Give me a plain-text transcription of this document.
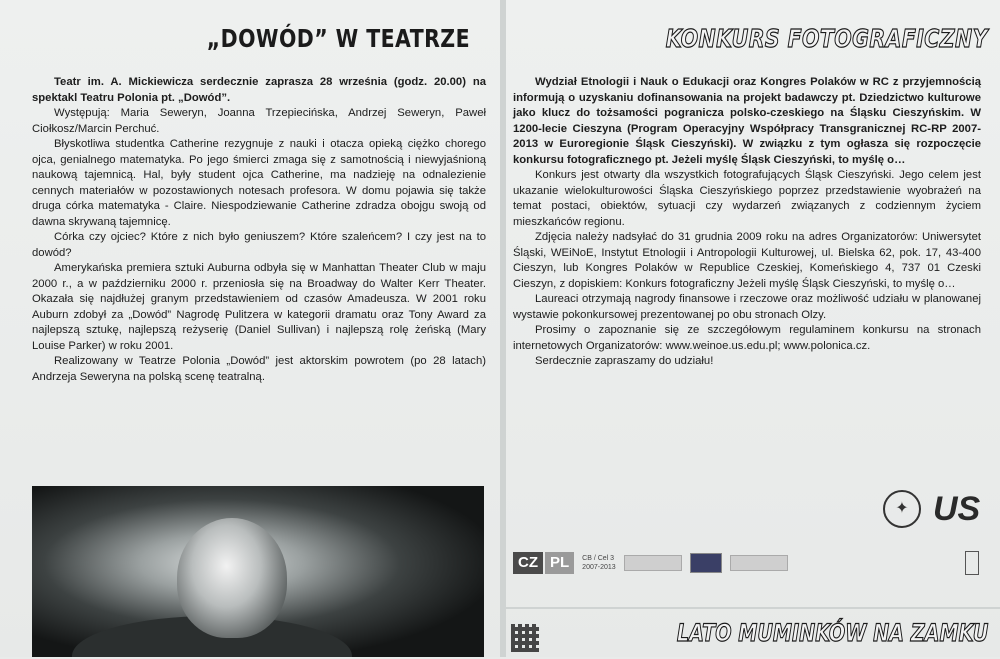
„DOWÓD” W TEATRZE

Teatr im. A. Mickiewicza serdecznie zaprasza 28 września (godz. 20.00) na spektakl Teatru Polonia pt. „Dowód”.

Występują: Maria Seweryn, Joanna Trzepiecińska, Andrzej Seweryn, Paweł Ciołkosz/Marcin Perchuć.

Błyskotliwa studentka Catherine rezygnuje z nauki i otacza opieką ciężko chorego ojca, genialnego matematyka. Po jego śmierci zmaga się z samotnością i niewyjaśnioną naukową tajemnicą. Hal, były student ojca Catherine, ma nadzieję na odnalezienie cennych materiałów w pozostawionych notesach profesora. W domu pojawia się także druga córka matematyka - Claire. Niespodziewanie Catherine zdradza obojgu swoją od dawna skrywaną tajemnicę.

Córka czy ojciec? Które z nich było geniuszem? Które szaleńcem? I czy jest na to dowód?

Amerykańska premiera sztuki Auburna odbyła się w Manhattan Theater Club w maju 2000 r., a w październiku 2000 r. przeniosła się na Broadway do Walter Kerr Theater. Okazała się najdłużej granym przedstawieniem od czasów Amadeusza. W 2001 roku Auburn zdobył za „Dowód” Nagrodę Pulitzera w kategorii dramatu oraz Tony Award za najlepszą sztukę, najlepszą reżyserię (Daniel Sullivan) i najlepszą rolę żeńską (Mary Louise Parker) w roku 2001.

Realizowany w Teatrze Polonia „Dowód” jest aktorskim powrotem (po 28 latach) Andrzeja Seweryna na polską scenę teatralną.

KONKURS FOTOGRAFICZNY

Wydział Etnologii i Nauk o Edukacji oraz Kongres Polaków w RC z przyjemnością informują o uzyskaniu dofinansowania na projekt badawczy pt. Dziedzictwo kulturowe jako klucz do tożsamości pogranicza polsko-czeskiego na Śląsku Cieszyńskim. W 1200-lecie Cieszyna (Program Operacyjny Współpracy Transgranicznej RC-RP 2007-2013 w Euroregionie Śląsk Cieszyński). W związku z tym ogłasza się rozpoczęcie konkursu fotograficznego pt. Jeżeli myślę Śląsk Cieszyński, to myślę o…

Konkurs jest otwarty dla wszystkich fotografujących Śląsk Cieszyński. Jego celem jest ukazanie wielokulturowości Śląska Cieszyńskiego poprzez przedstawienie wyobrażeń na temat postaci, obiektów, sytuacji czy wydarzeń związanych z codziennym życiem mieszkańców regionu.

Zdjęcia należy nadsyłać do 31 grudnia 2009 roku na adres Organizatorów: Uniwersytet Śląski, WEiNoE, Instytut Etnologii i Antropologii Kulturowej, ul. Bielska 62, pok. 17, 43-400 Cieszyn, lub Kongres Polaków w Republice Czeskiej, Komeńskiego 4, 737 01 Czeski Cieszyn, z dopiskiem: Konkurs fotograficzny Jeżeli myślę Śląsk Cieszyński, to myślę o…

Laureaci otrzymają nagrody finansowe i rzeczowe oraz możliwość udziału w planowanej wystawie pokonkursowej prezentowanej po obu stronach Olzy.

Prosimy o zapoznanie się ze szczegółowym regulaminem konkursu na stronach internetowych Organizatorów: www.weinoe.us.edu.pl; www.polonica.cz.

Serdecznie zapraszamy do udziału!

✦ US
CZ PL	CB / Cel 3
2007-2013
LATO MUMINKÓW NA ZAMKU
